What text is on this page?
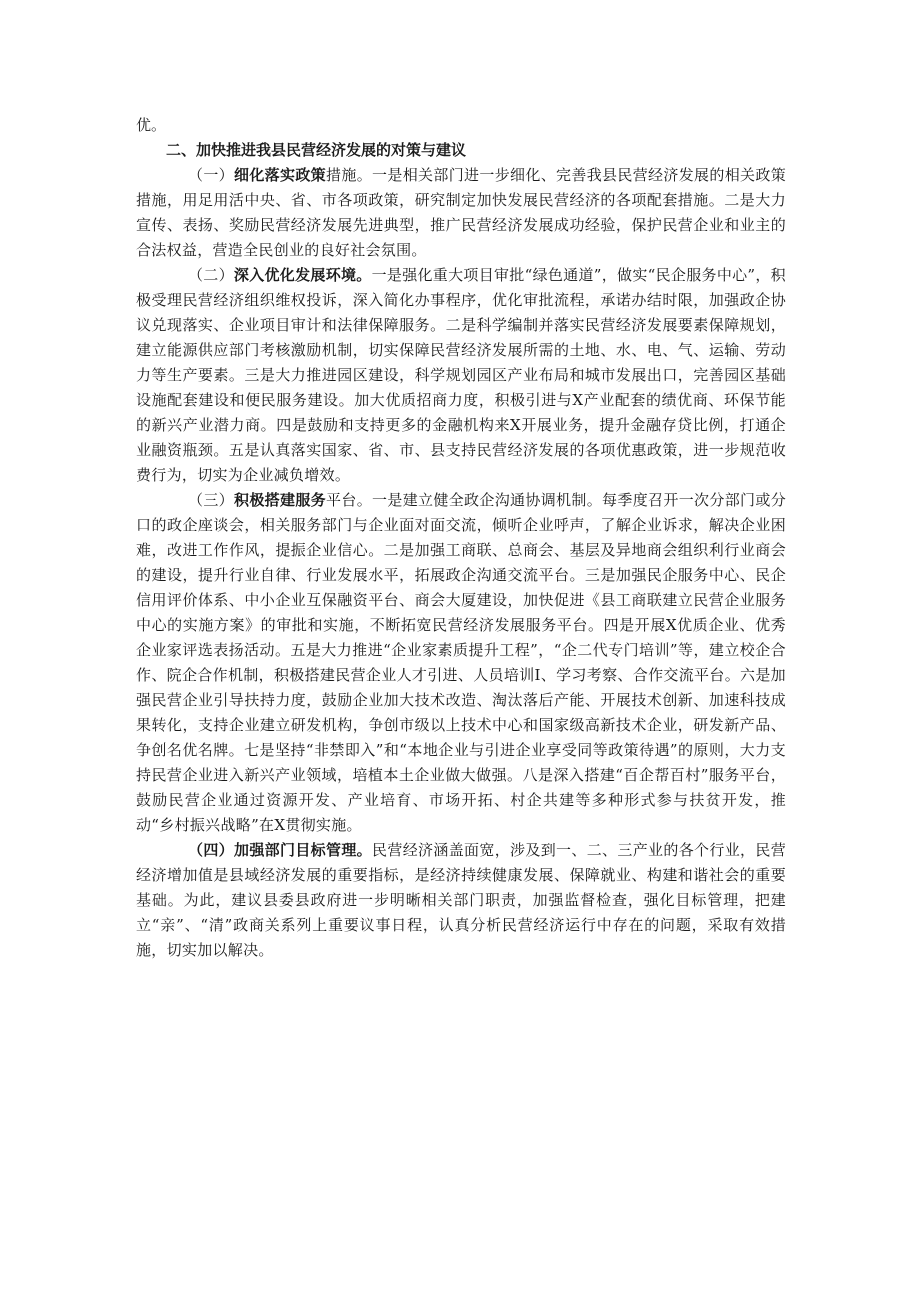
优。

二、加快推进我县民营经济发展的对策与建议

（一）细化落实政策措施。一是相关部门进一步细化、完善我县民营经济发展的相关政策措施，用足用活中央、省、市各项政策，研究制定加快发展民营经济的各项配套措施。二是大力宣传、表扬、奖励民营经济发展先进典型，推广民营经济发展成功经验，保护民营企业和业主的合法权益，营造全民创业的良好社会氛围。

（二）深入优化发展环境。一是强化重大项目审批“绿色通道”，做实“民企服务中心”，积极受理民营经济组织维权投诉，深入简化办事程序，优化审批流程，承诺办结时限，加强政企协议兑现落实、企业项目审计和法律保障服务。二是科学编制并落实民营经济发展要素保障规划，建立能源供应部门考核激励机制，切实保障民营经济发展所需的土地、水、电、气、运输、劳动力等生产要素。三是大力推进园区建设，科学规划园区产业布局和城市发展出口，完善园区基础设施配套建设和便民服务建设。加大优质招商力度，积极引进与X产业配套的绩优商、环保节能的新兴产业潜力商。四是鼓励和支持更多的金融机构来X开展业务，提升金融存贷比例，打通企业融资瓶颈。五是认真落实国家、省、市、县支持民营经济发展的各项优惠政策，进一步规范收费行为，切实为企业减负增效。

（三）积极搭建服务平台。一是建立健全政企沟通协调机制。每季度召开一次分部门或分口的政企座谈会，相关服务部门与企业面对面交流，倾听企业呼声，了解企业诉求，解决企业困难，改进工作作风，提振企业信心。二是加强工商联、总商会、基层及异地商会组织利行业商会的建设，提升行业自律、行业发展水平，拓展政企沟通交流平台。三是加强民企服务中心、民企信用评价体系、中小企业互保融资平台、商会大厦建设，加快促进《县工商联建立民营企业服务中心的实施方案》的审批和实施，不断拓宽民营经济发展服务平台。四是开展X优质企业、优秀企业家评选表扬活动。五是大力推进“企业家素质提升工程”，“企二代专门培训”等，建立校企合作、院企合作机制，积极搭建民营企业人才引进、人员培训I、学习考察、合作交流平台。六是加强民营企业引导扶持力度，鼓励企业加大技术改造、淘汰落后产能、开展技术创新、加速科技成果转化，支持企业建立研发机构，争创市级以上技术中心和国家级高新技术企业，研发新产品、争创名优名牌。七是坚持“非禁即入”和“本地企业与引进企业享受同等政策待遇”的原则，大力支持民营企业进入新兴产业领域，培植本土企业做大做强。八是深入搭建“百企帮百村”服务平台，鼓励民营企业通过资源开发、产业培育、市场开拓、村企共建等多种形式参与扶贫开发，推动“乡村振兴战略”在X贯彻实施。

（四）加强部门目标管理。民营经济涵盖面宽，涉及到一、二、三产业的各个行业，民营经济增加值是县域经济发展的重要指标，是经济持续健康发展、保障就业、构建和谐社会的重要基础。为此，建议县委县政府进一步明晰相关部门职责，加强监督检查，强化目标管理，把建立“亲”、“清”政商关系列上重要议事日程，认真分析民营经济运行中存在的问题，采取有效措施，切实加以解决。
